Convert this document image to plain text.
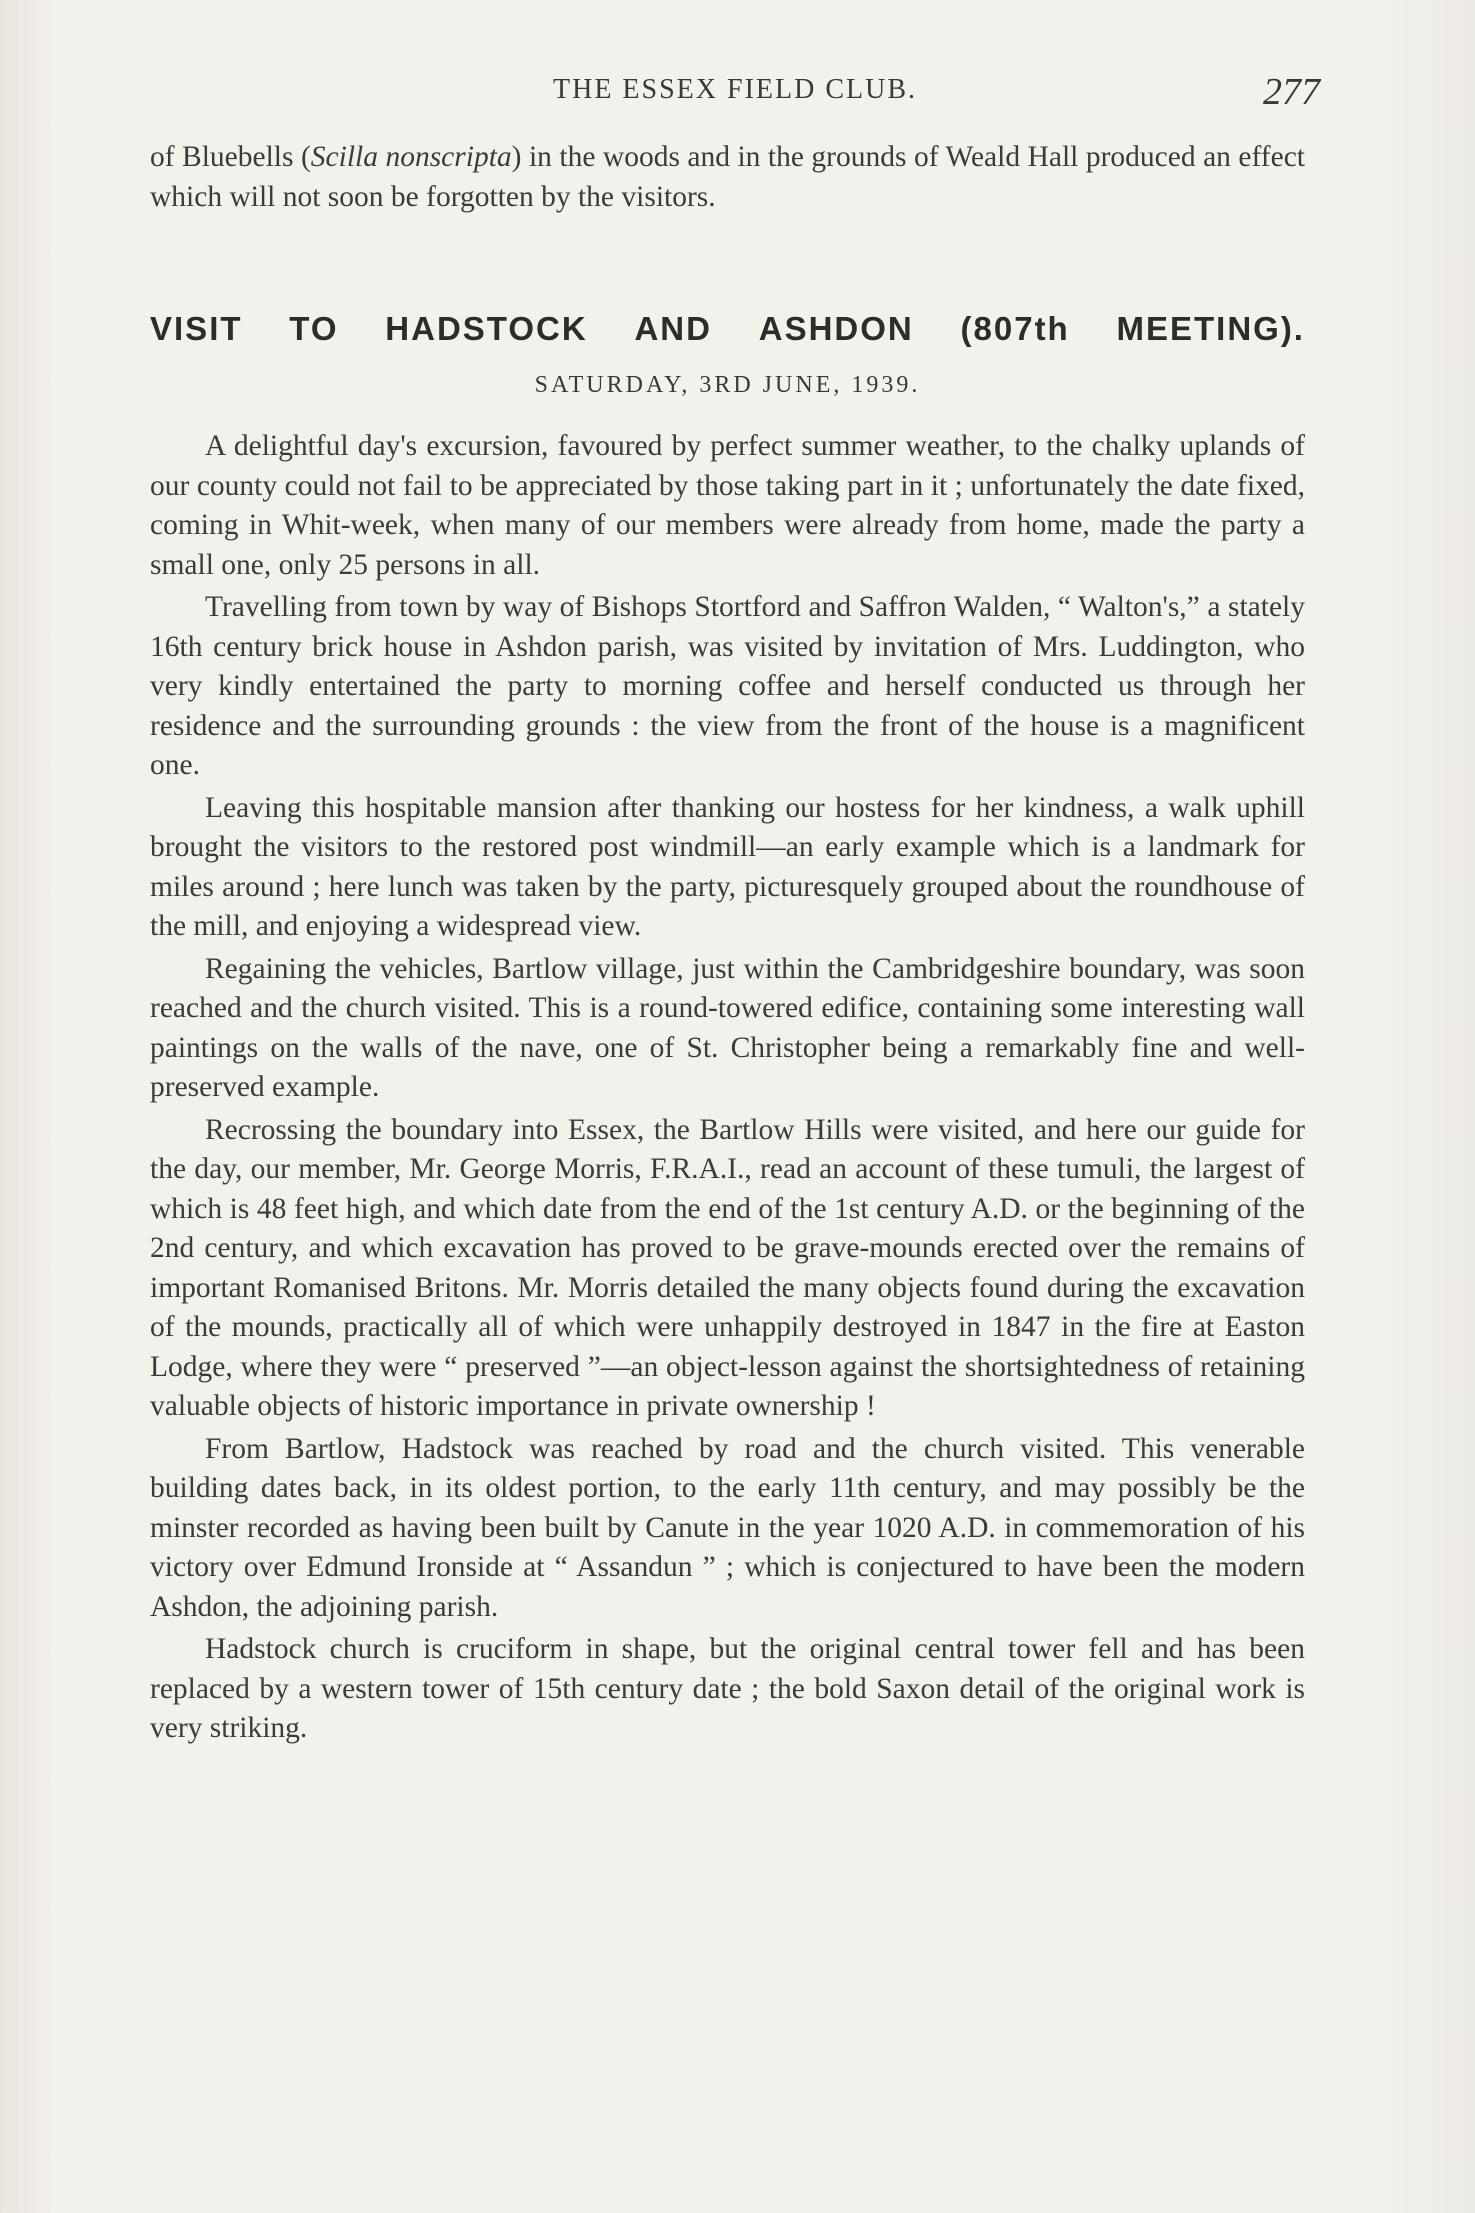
THE ESSEX FIELD CLUB.	277
of Bluebells (Scilla nonscripta) in the woods and in the grounds of Weald Hall produced an effect which will not soon be forgotten by the visitors.
VISIT TO HADSTOCK AND ASHDON (807th MEETING).
SATURDAY, 3RD JUNE, 1939.

A delightful day's excursion, favoured by perfect summer weather, to the chalky uplands of our county could not fail to be appreciated by those taking part in it ; unfortunately the date fixed, coming in Whit-week, when many of our members were already from home, made the party a small one, only 25 persons in all.

Travelling from town by way of Bishops Stortford and Saffron Walden, “ Walton's,” a stately 16th century brick house in Ashdon parish, was visited by invitation of Mrs. Luddington, who very kindly entertained the party to morning coffee and herself conducted us through her residence and the surrounding grounds : the view from the front of the house is a magnificent one.

Leaving this hospitable mansion after thanking our hostess for her kindness, a walk uphill brought the visitors to the restored post windmill—an early example which is a landmark for miles around ; here lunch was taken by the party, picturesquely grouped about the roundhouse of the mill, and enjoying a widespread view.

Regaining the vehicles, Bartlow village, just within the Cambridgeshire boundary, was soon reached and the church visited. This is a round-towered edifice, containing some interesting wall paintings on the walls of the nave, one of St. Christopher being a remarkably fine and well-preserved example.

Recrossing the boundary into Essex, the Bartlow Hills were visited, and here our guide for the day, our member, Mr. George Morris, F.R.A.I., read an account of these tumuli, the largest of which is 48 feet high, and which date from the end of the 1st century A.D. or the beginning of the 2nd century, and which excavation has proved to be grave-mounds erected over the remains of important Romanised Britons. Mr. Morris detailed the many objects found during the excavation of the mounds, practically all of which were unhappily destroyed in 1847 in the fire at Easton Lodge, where they were “ preserved ”—an object-lesson against the shortsightedness of retaining valuable objects of historic importance in private ownership !

From Bartlow, Hadstock was reached by road and the church visited. This venerable building dates back, in its oldest portion, to the early 11th century, and may possibly be the minster recorded as having been built by Canute in the year 1020 A.D. in commemoration of his victory over Edmund Ironside at “ Assandun ” ; which is conjectured to have been the modern Ashdon, the adjoining parish.

Hadstock church is cruciform in shape, but the original central tower fell and has been replaced by a western tower of 15th century date ; the bold Saxon detail of the original work is very striking.
